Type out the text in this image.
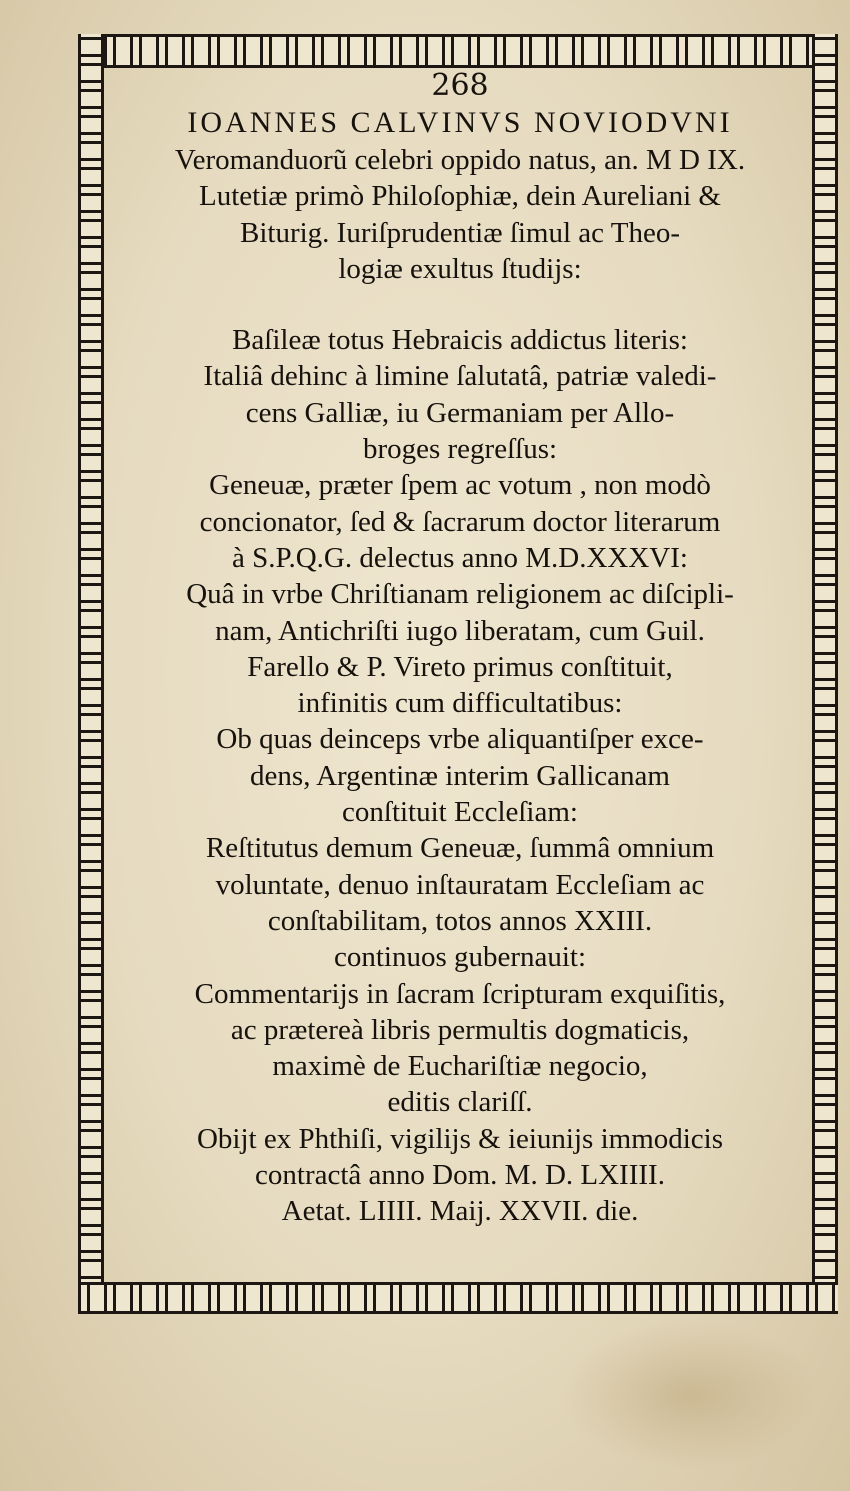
268
IOANNES CALVINVS NOVIODVNI
Veromanduorũ celebri oppido natus, an. M D IX.
Lutetiæ primò Philoſophiæ, dein Aureliani &
Biturig. Iuriſprudentiæ ſimul ac Theo-
logiæ exultus ſtudijs:
Baſileæ totus Hebraicis addictus literis:
Italiâ dehinc à limine ſalutatâ, patriæ valedi-
cens Galliæ, iu Germaniam per Allo-
broges regreſſus:
Geneuæ, præter ſpem ac votum , non modò
concionator, ſed & ſacrarum doctor literarum
à S.P.Q.G. delectus anno M.D.XXXVI:
Quâ in vrbe Chriſtianam religionem ac diſcipli-
nam, Antichriſti iugo liberatam, cum Guil.
Farello & P. Vireto primus conſtituit,
infinitis cum difficultatibus:
Ob quas deinceps vrbe aliquantiſper exce-
dens, Argentinæ interim Gallicanam
conſtituit Eccleſiam:
Reſtitutus demum Geneuæ, ſummâ omnium
voluntate, denuo inſtauratam Eccleſiam ac
conſtabilitam, totos annos XXIII.
continuos gubernauit:
Commentarijs in ſacram ſcripturam exquiſitis,
ac prætereà libris permultis dogmaticis,
maximè de Euchariſtiæ negocio,
editis clariſſ.
Obijt ex Phthiſi, vigilijs & ieiunijs immodicis
contractâ anno Dom. M. D. LXIIII.
Aetat. LIIII. Maij. XXVII. die.
